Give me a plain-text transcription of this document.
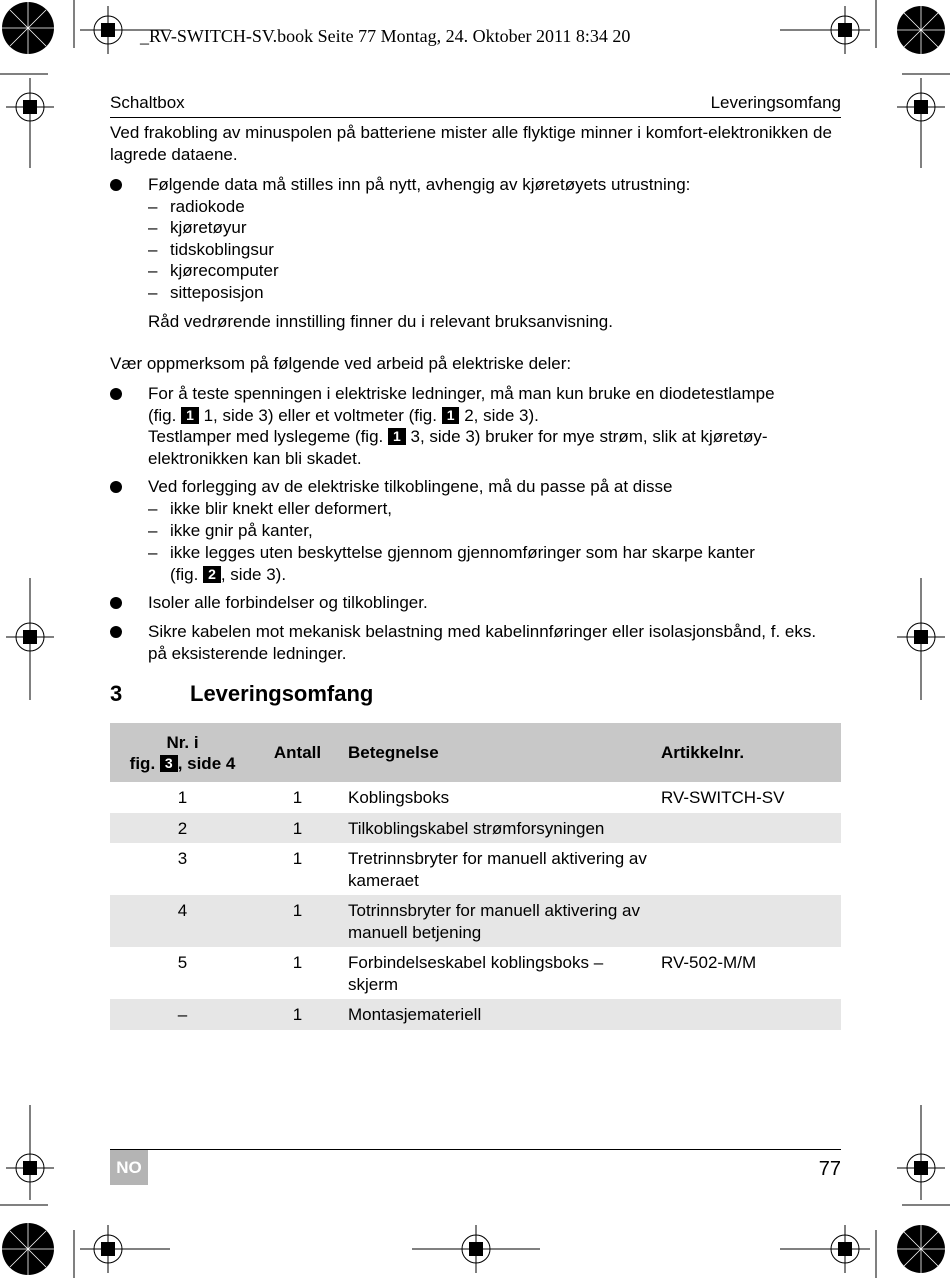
_RV-SWITCH-SV.book Seite 77 Montag, 24. Oktober 2011 8:34 20
Schaltbox	Leveringsomfang
Ved frakobling av minuspolen på batteriene mister alle flyktige minner i komfort-elektronikken de lagrede dataene.
Følgende data må stilles inn på nytt, avhengig av kjøretøyets utrustning:
– radiokode
– kjøretøyur
– tidskoblingsur
– kjørecomputer
– sitteposisjon
Råd vedrørende innstilling finner du i relevant bruksanvisning.
Vær oppmerksom på følgende ved arbeid på elektriske deler:
For å teste spenningen i elektriske ledninger, må man kun bruke en diodetestlampe
(fig. 1 1, side 3) eller et voltmeter (fig. 1 2, side 3).
Testlamper med lyslegeme (fig. 1 3, side 3) bruker for mye strøm, slik at kjøretøy-
elektronikken kan bli skadet.
Ved forlegging av de elektriske tilkoblingene, må du passe på at disse
– ikke blir knekt eller deformert,
– ikke gnir på kanter,
– ikke legges uten beskyttelse gjennom gjennomføringer som har skarpe kanter
(fig. 2 , side 3).
Isoler alle forbindelser og tilkoblinger.
Sikre kabelen mot mekanisk belastning med kabelinnføringer eller isolasjonsbånd, f. eks. på eksisterende ledninger.
3	Leveringsomfang
Nr. i
fig. 3 , side 4	Antall	Betegnelse	Artikkelnr.
1	1	Koblingsboks	RV-SWITCH-SV
2	1	Tilkoblingskabel strømforsyningen	
3	1	Tretrinnsbryter for manuell aktivering av kameraet	
4	1	Totrinnsbryter for manuell aktivering av manuell betjening	
5	1	Forbindelseskabel koblingsboks – skjerm	RV-502-M/M
–	1	Montasjemateriell	
NO	77
